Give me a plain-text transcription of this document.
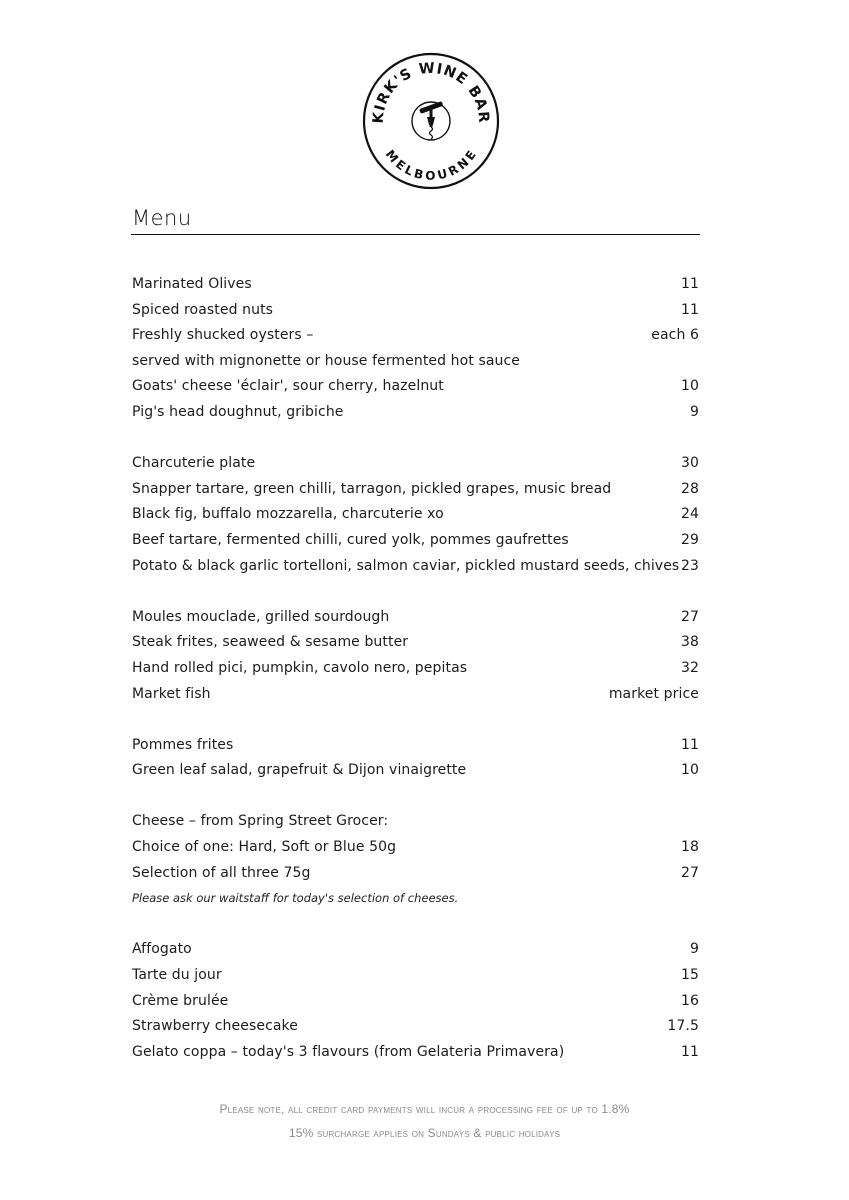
KIRK'S WINE BAR
MELBOURNE
Menu
Marinated Olives	11
Spiced roasted nuts	11
Freshly shucked oysters –	each 6
served with mignonette or house fermented hot sauce
Goats' cheese 'éclair', sour cherry, hazelnut	10
Pig's head doughnut, gribiche	9
Charcuterie plate	30
Snapper tartare, green chilli, tarragon, pickled grapes, music bread	28
Black fig, buffalo mozzarella, charcuterie xo	24
Beef tartare, fermented chilli, cured yolk, pommes gaufrettes	29
Potato & black garlic tortelloni, salmon caviar, pickled mustard seeds, chives 23
Moules mouclade, grilled sourdough	27
Steak frites, seaweed & sesame butter	38
Hand rolled pici, pumpkin, cavolo nero, pepitas	32
Market fish	market price
Pommes frites	11
Green leaf salad, grapefruit & Dijon vinaigrette	10
Cheese – from Spring Street Grocer:
Choice of one: Hard, Soft or Blue 50g	18
Selection of all three 75g	27
Please ask our waitstaff for today's selection of cheeses.
Affogato	9
Tarte du jour	15
Crème brulée	16
Strawberry cheesecake	17.5
Gelato coppa – today's 3 flavours (from Gelateria Primavera)	11
Please note, all credit card payments will incur a processing fee of up to 1.8%
15% surcharge applies on Sundays & public holidays
